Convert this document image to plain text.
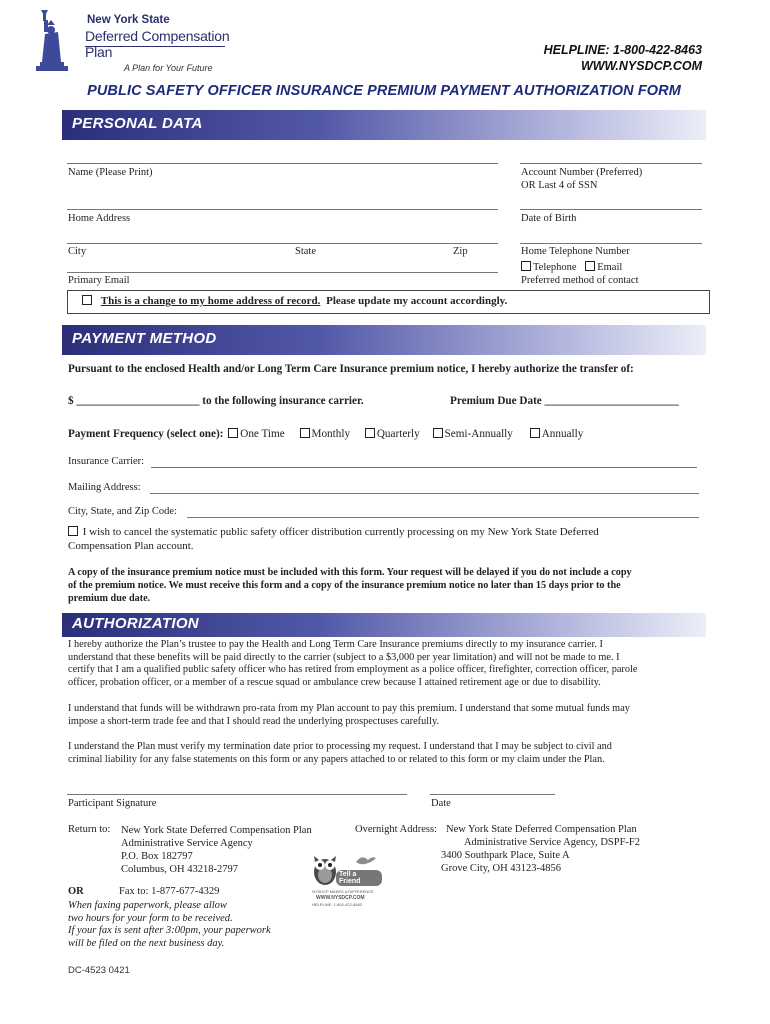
New York State
Deferred Compensation Plan
A Plan for Your Future
HELPLINE: 1-800-422-8463
WWW.NYSDCP.COM
PUBLIC SAFETY OFFICER INSURANCE PREMIUM PAYMENT AUTHORIZATION FORM
PERSONAL DATA
Name (Please Print)	Account Number (Preferred)
OR Last 4 of SSN
Home Address	Date of Birth
City	State	Zip	Home Telephone Number
Telephone Email
Preferred method of contact
Primary Email
This is a change to my home address of record. Please update my account accordingly.
PAYMENT METHOD
Pursuant to the enclosed Health and/or Long Term Care Insurance premium notice, I hereby authorize the transfer of:
$ ______________________ to the following insurance carrier.	Premium Due Date ________________________
Payment Frequency (select one): One Time Monthly Quarterly Semi-Annually	Annually
Insurance Carrier:
Mailing Address:
City, State, and Zip Code:
I wish to cancel the systematic public safety officer distribution currently processing on my New York State Deferred
Compensation Plan account.
A copy of the insurance premium notice must be included with this form. Your request will be delayed if you do not include a copy
of the premium notice. We must receive this form and a copy of the insurance premium notice no later than 15 days prior to the
premium due date.
AUTHORIZATION
I hereby authorize the Plan’s trustee to pay the Health and Long Term Care Insurance premiums directly to my insurance carrier. I
understand that these benefits will be paid directly to the carrier (subject to a $3,000 per year limitation) and will not be made to me. I
certify that I am a qualified public safety officer who has retired from employment as a police officer, firefighter, correction officer, parole
officer, probation officer, or a member of a rescue squad or ambulance crew because I attained retirement age or due to disability.
I understand that funds will be withdrawn pro-rata from my Plan account to pay this premium. I understand that some mutual funds may
impose a short-term trade fee and that I should read the underlying prospectuses carefully.
I understand the Plan must verify my termination date prior to processing my request. I understand that I may be subject to civil and
criminal liability for any false statements on this form or any papers attached to or related to this form or my claim under the Plan.
Participant Signature	Date
Return to: New York State Deferred Compensation Plan
Administrative Service Agency
P.O. Box 182797
Columbus, OH 43218-2797
Overnight Address: New York State Deferred Compensation Plan
Administrative Service Agency, DSPF-F2
3400 Southpark Place, Suite A
Grove City, OH 43123-4856
Tell a Friend
NYSDCP MAKES A DIFFERENCE
WWW.NYSDCP.COM
HELPLINE: 1-800-422-8463
OR	Fax to: 1-877-677-4329
When faxing paperwork, please allow
two hours for your form to be received.
If your fax is sent after 3:00pm, your paperwork
will be filed on the next business day.
DC-4523 0421
